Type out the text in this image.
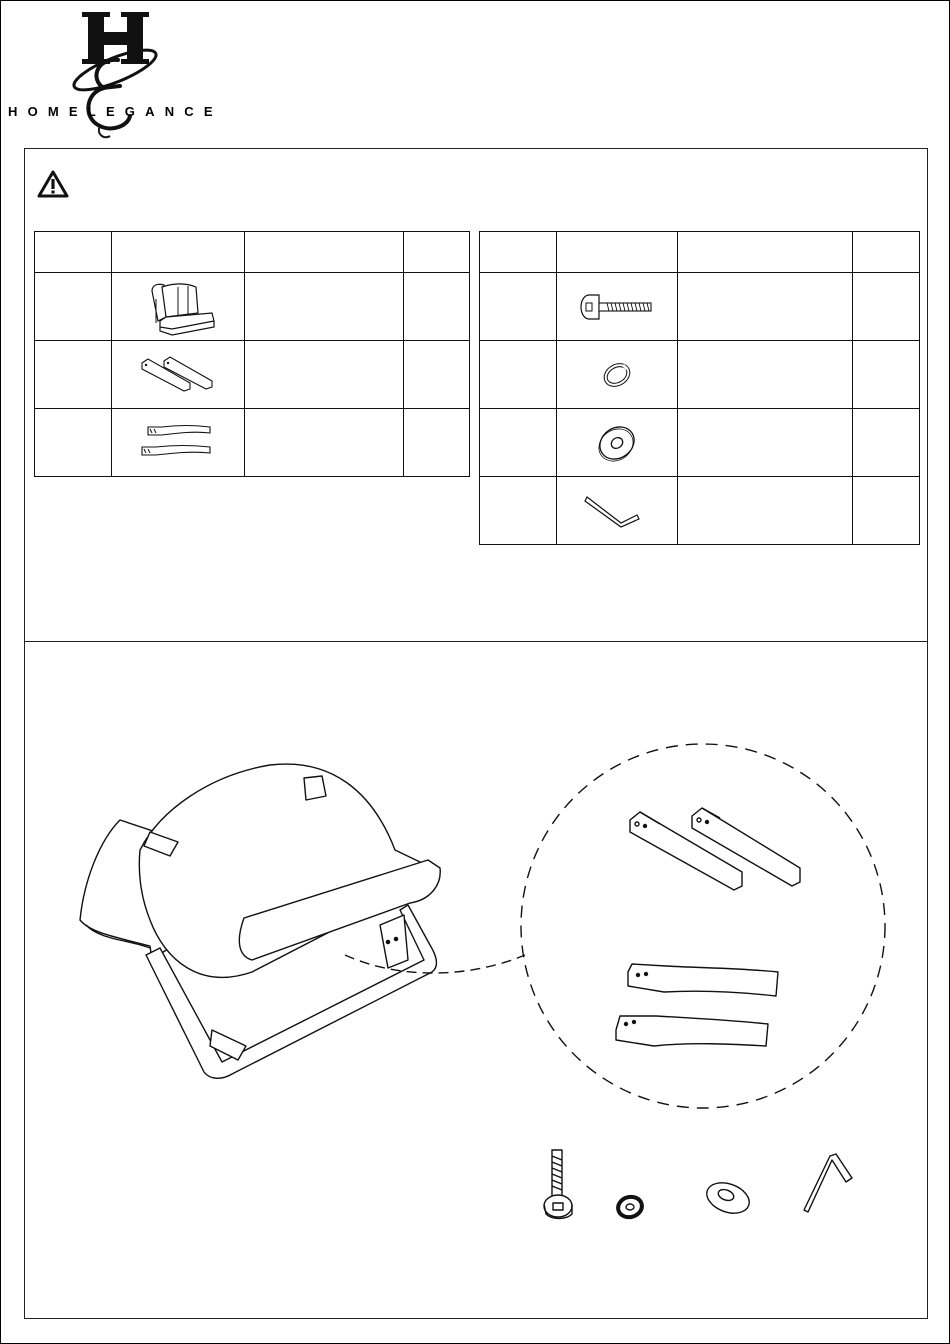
HOMELEGANCE
